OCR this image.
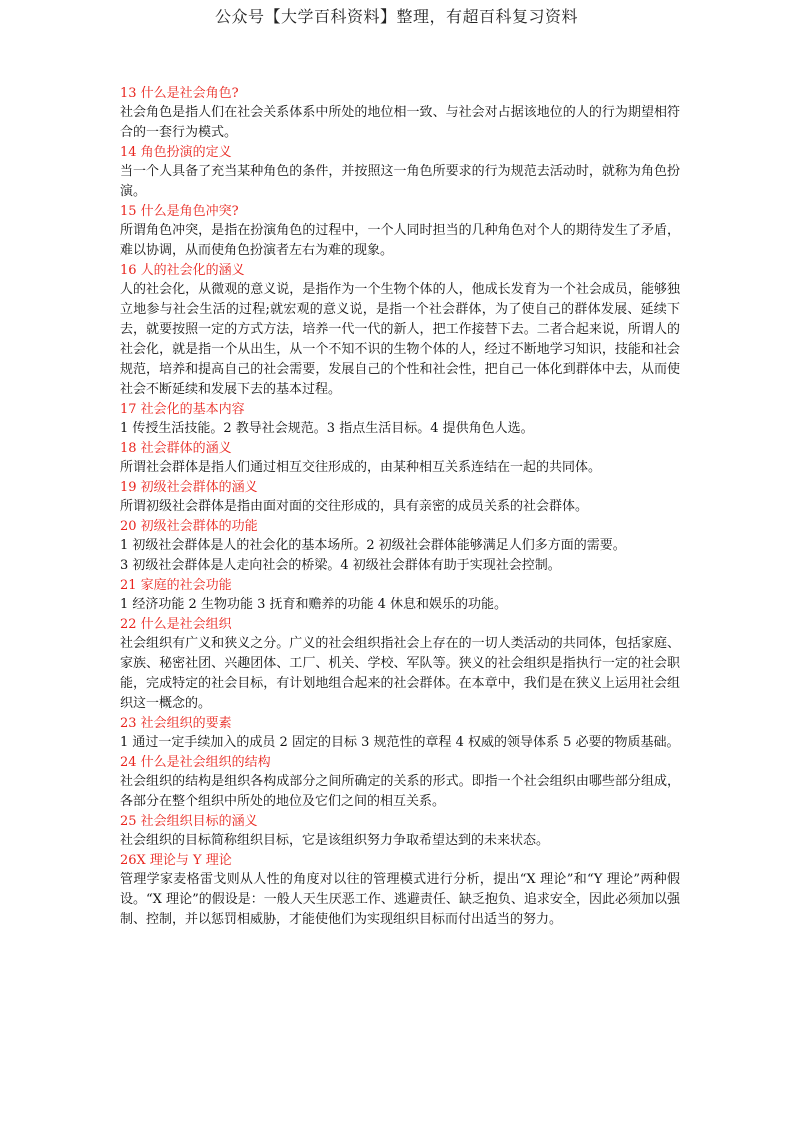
公众号【大学百科资料】整理，有超百科复习资料
13 什么是社会角色?

社会角色是指人们在社会关系体系中所处的地位相一致、与社会对占据该地位的人的行为期望相符合的一套行为模式。

14 角色扮演的定义

当一个人具备了充当某种角色的条件，并按照这一角色所要求的行为规范去活动时，就称为角色扮演。

15 什么是角色冲突?

所谓角色冲突，是指在扮演角色的过程中，一个人同时担当的几种角色对个人的期待发生了矛盾，难以协调，从而使角色扮演者左右为难的现象。

16 人的社会化的涵义

人的社会化，从微观的意义说，是指作为一个生物个体的人，他成长发育为一个社会成员，能够独立地参与社会生活的过程;就宏观的意义说，是指一个社会群体，为了使自己的群体发展、延续下去，就要按照一定的方式方法，培养一代一代的新人，把工作接替下去。二者合起来说，所谓人的社会化，就是指一个从出生，从一个不知不识的生物个体的人，经过不断地学习知识，技能和社会规范，培养和提高自己的社会需要，发展自己的个性和社会性，把自己一体化到群体中去，从而使社会不断延续和发展下去的基本过程。

17 社会化的基本内容

1 传授生活技能。2 教导社会规范。3 指点生活目标。4 提供角色人选。

18 社会群体的涵义

所谓社会群体是指人们通过相互交往形成的，由某种相互关系连结在一起的共同体。

19 初级社会群体的涵义

所谓初级社会群体是指由面对面的交往形成的，具有亲密的成员关系的社会群体。

20 初级社会群体的功能

1 初级社会群体是人的社会化的基本场所。2 初级社会群体能够满足人们多方面的需要。

3 初级社会群体是人走向社会的桥梁。4 初级社会群体有助于实现社会控制。

21 家庭的社会功能

1 经济功能 2 生物功能 3 抚育和赡养的功能 4 休息和娱乐的功能。

22 什么是社会组织

社会组织有广义和狭义之分。广义的社会组织指社会上存在的一切人类活动的共同体，包括家庭、家族、秘密社团、兴趣团体、工厂、机关、学校、军队等。狭义的社会组织是指执行一定的社会职能，完成特定的社会目标，有计划地组合起来的社会群体。在本章中，我们是在狭义上运用社会组织这一概念的。

23 社会组织的要素

1 通过一定手续加入的成员 2 固定的目标 3 规范性的章程 4 权威的领导体系 5 必要的物质基础。

24 什么是社会组织的结构

社会组织的结构是组织各构成部分之间所确定的关系的形式。即指一个社会组织由哪些部分组成，各部分在整个组织中所处的地位及它们之间的相互关系。

25 社会组织目标的涵义

社会组织的目标简称组织目标，它是该组织努力争取希望达到的未来状态。

26X 理论与 Y 理论

管理学家麦格雷戈则从人性的角度对以往的管理模式进行分析，提出“X 理论”和“Y 理论”两种假设。“X 理论”的假设是：一般人天生厌恶工作、逃避责任、缺乏抱负、追求安全，因此必须加以强制、控制，并以惩罚相威胁，才能使他们为实现组织目标而付出适当的努力。
